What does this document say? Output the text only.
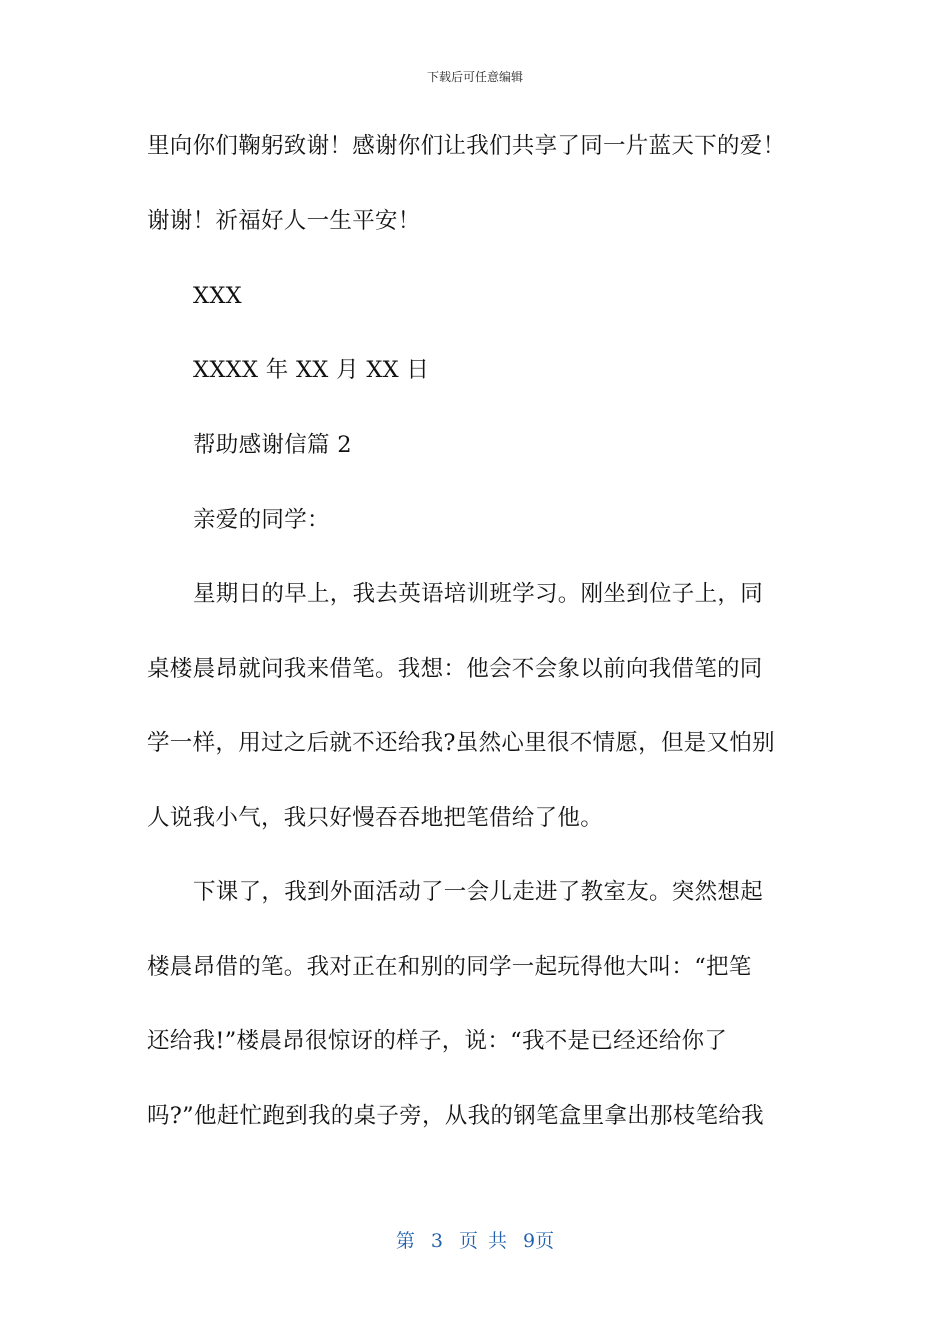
下载后可任意编辑
里向你们鞠躬致谢！感谢你们让我们共享了同一片蓝天下的爱！
谢谢！祈福好人一生平安！
XXX
XXXX 年 XX 月 XX 日
帮助感谢信篇 2
亲爱的同学：
星期日的早上，我去英语培训班学习。刚坐到位子上，同
桌楼晨昂就问我来借笔。我想：他会不会象以前向我借笔的同
学一样，用过之后就不还给我?虽然心里很不情愿，但是又怕别
人说我小气，我只好慢吞吞地把笔借给了他。
下课了，我到外面活动了一会儿走进了教室友。突然想起
楼晨昂借的笔。我对正在和别的同学一起玩得他大叫：“把笔
还给我!”楼晨昂很惊讶的样子，说：“我不是已经还给你了
吗?”他赶忙跑到我的桌子旁，从我的钢笔盒里拿出那枝笔给我
第 3 页 共 9页
